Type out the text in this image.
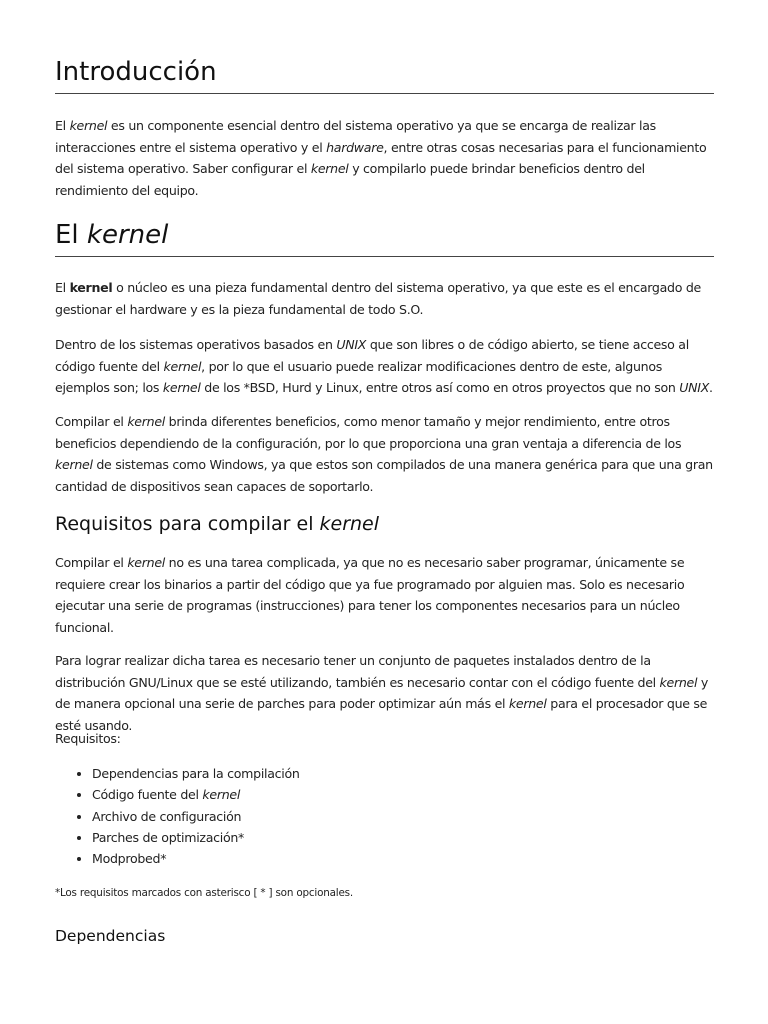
Introducción

El kernel es un componente esencial dentro del sistema operativo ya que se encarga de realizar las interacciones entre el sistema operativo y el hardware, entre otras cosas necesarias para el funcionamiento del sistema operativo. Saber configurar el kernel y compilarlo puede brindar beneficios dentro del rendimiento del equipo.

El kernel

El kernel o núcleo es una pieza fundamental dentro del sistema operativo, ya que este es el encargado de gestionar el hardware y es la pieza fundamental de todo S.O.

Dentro de los sistemas operativos basados en UNIX que son libres o de código abierto, se tiene acceso al código fuente del kernel, por lo que el usuario puede realizar modificaciones dentro de este, algunos ejemplos son; los kernel de los *BSD, Hurd y Linux, entre otros así como en otros proyectos que no son UNIX.

Compilar el kernel brinda diferentes beneficios, como menor tamaño y mejor rendimiento, entre otros beneficios dependiendo de la configuración, por lo que proporciona una gran ventaja a diferencia de los kernel de sistemas como Windows, ya que estos son compilados de una manera genérica para que una gran cantidad de dispositivos sean capaces de soportarlo.

Requisitos para compilar el kernel

Compilar el kernel no es una tarea complicada, ya que no es necesario saber programar, únicamente se requiere crear los binarios a partir del código que ya fue programado por alguien mas. Solo es necesario ejecutar una serie de programas (instrucciones) para tener los componentes necesarios para un núcleo funcional.

Para lograr realizar dicha tarea es necesario tener un conjunto de paquetes instalados dentro de la distribución GNU/Linux que se esté utilizando, también es necesario contar con el código fuente del kernel y de manera opcional una serie de parches para poder optimizar aún más el kernel para el procesador que se esté usando.

Requisitos:

• Dependencias para la compilación
• Código fuente del kernel
• Archivo de configuración
• Parches de optimización*
• Modprobed*

*Los requisitos marcados con asterisco [ * ] son opcionales.

Dependencias
